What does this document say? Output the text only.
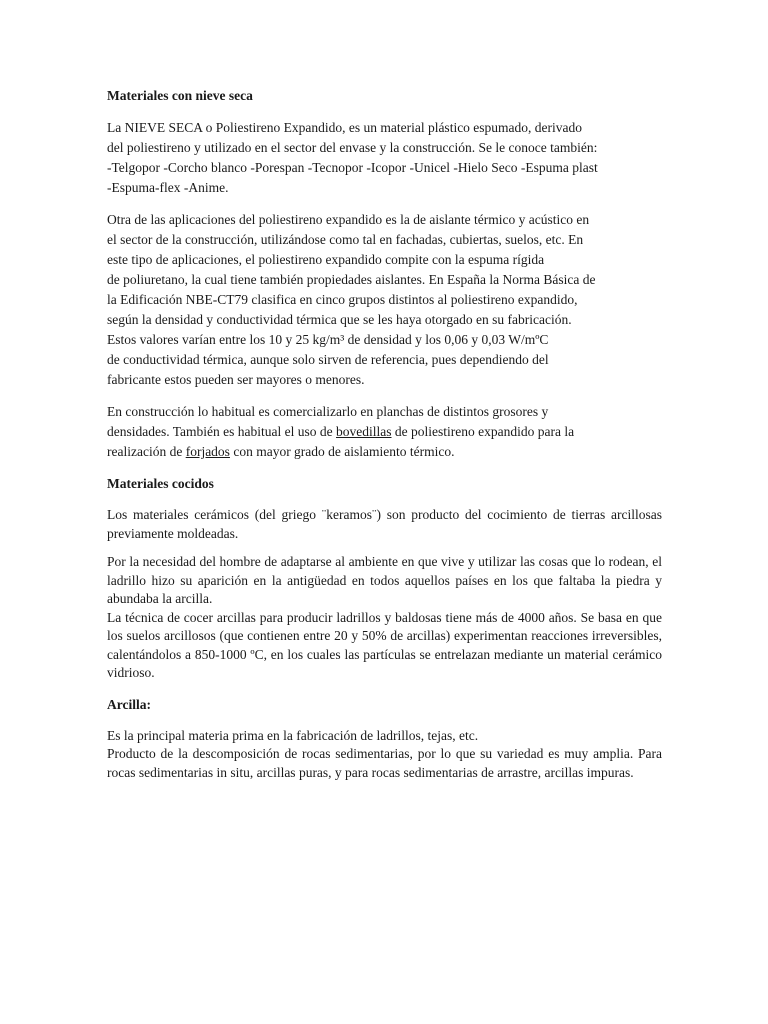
Materiales con nieve seca
La NIEVE SECA o Poliestireno Expandido, es un material plástico espumado, derivado
del poliestireno y utilizado en el sector del envase y la construcción. Se le conoce también:
-Telgopor -Corcho blanco -Porespan -Tecnopor -Icopor -Unicel -Hielo Seco -Espuma plast
-Espuma-flex -Anime.
Otra de las aplicaciones del poliestireno expandido es la de aislante térmico y acústico en
el sector de la construcción, utilizándose como tal en fachadas, cubiertas, suelos, etc. En
este tipo de aplicaciones, el poliestireno expandido compite con la espuma rígida
de poliuretano, la cual tiene también propiedades aislantes. En España la Norma Básica de
la Edificación NBE-CT79 clasifica en cinco grupos distintos al poliestireno expandido,
según la densidad y conductividad térmica que se les haya otorgado en su fabricación.
Estos valores varían entre los 10 y 25 kg/m³ de densidad y los 0,06 y 0,03 W/mºC
de conductividad térmica, aunque solo sirven de referencia, pues dependiendo del
fabricante estos pueden ser mayores o menores.
En construcción lo habitual es comercializarlo en planchas de distintos grosores y
densidades. También es habitual el uso de bovedillas de poliestireno expandido para la
realización de forjados con mayor grado de aislamiento térmico.
Materiales cocidos
Los materiales cerámicos (del griego ¨keramos¨) son producto del cocimiento de tierras arcillosas previamente moldeadas.
Por la necesidad del hombre de adaptarse al ambiente en que vive y utilizar las cosas que lo rodean, el ladrillo hizo su aparición en la antigüedad en todos aquellos países en los que faltaba la piedra y abundaba la arcilla.
La técnica de cocer arcillas para producir ladrillos y baldosas tiene más de 4000 años. Se basa en que los suelos arcillosos (que contienen entre 20 y 50% de arcillas) experimentan reacciones irreversibles, calentándolos a 850-1000 ºC, en los cuales las partículas se entrelazan mediante un material cerámico vidrioso.
Arcilla:
Es la principal materia prima en la fabricación de ladrillos, tejas, etc.
Producto de la descomposición de rocas sedimentarias, por lo que su variedad es muy amplia. Para rocas sedimentarias in situ, arcillas puras, y para rocas sedimentarias de arrastre, arcillas impuras.
